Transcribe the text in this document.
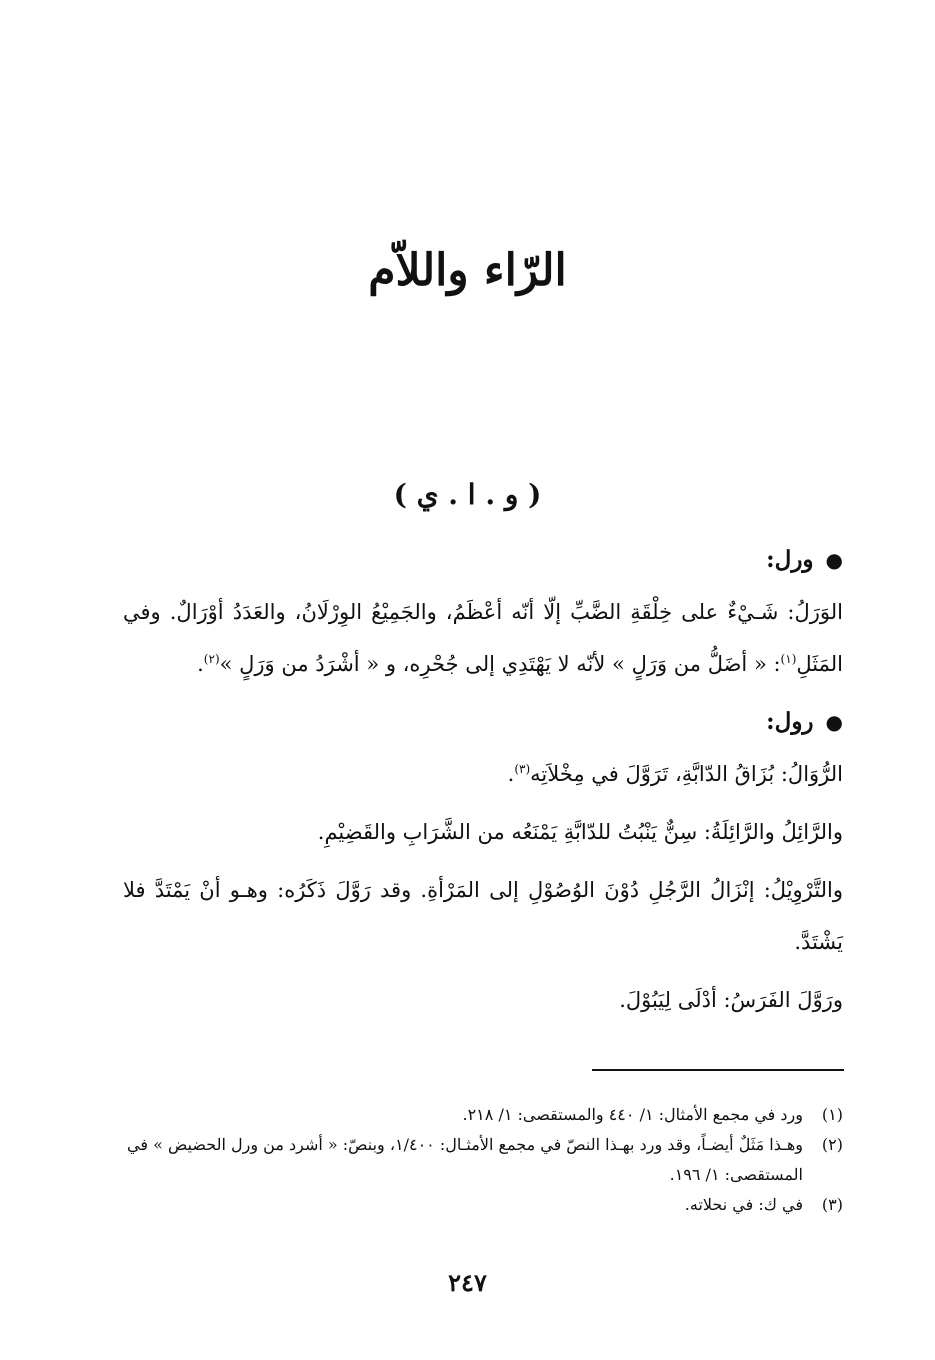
الرّاء واللاّم
( و . ا . ي )
●ورل:

الوَرَلُ: شَـيْءٌ على خِلْقَةِ الضَّبِّ إلّا أنّه أعْظَمُ، والجَمِيْعُ الوِرْلَانُ، والعَدَدُ أوْرَالٌ. وفي المَثَلِ$^{(١)}$: « أضَلُّ من وَرَلٍ » لأنّه لا يَهْتَدِي إلى جُحْرِه، و « أشْرَدُ من وَرَلٍ »$^{(٢)}$.

●رول:

الرُّوَالُ: بُزَاقُ الدّابَّةِ، تَرَوَّلَ في مِخْلاَتِه$^{(٣)}$.

والرَّائِلُ والرَّائِلَةُ: سِنٌّ يَنْبُتُ للدّابَّةِ يَمْنَعُه من الشَّرَابِ والقَضِيْمِ.

والتَّرْوِيْلُ: إنْزَالُ الرَّجُلِ دُوْنَ الوُصُوْلِ إلى المَرْأةِ. وقد رَوَّلَ ذَكَرُه: وهـو أنْ يَمْتَدَّ فلا يَشْتَدَّ.

ورَوَّلَ الفَرَسُ: أدْلَى لِيَبُوْلَ.

(١)
ورد في مجمع الأمثال: ١/ ٤٤٠ والمستقصى: ١/ ٢١٨.
(٢)
وهـذا مَثَلٌ أيضـاً، وقد ورد بهـذا النصّ في مجمع الأمثـال: ١/٤٠٠، وبنصّ: « أشرد من ورل الحضيض » في المستقصى: ١/ ١٩٦.
(٣)
في ك: في نحلاته.
٢٤٧
